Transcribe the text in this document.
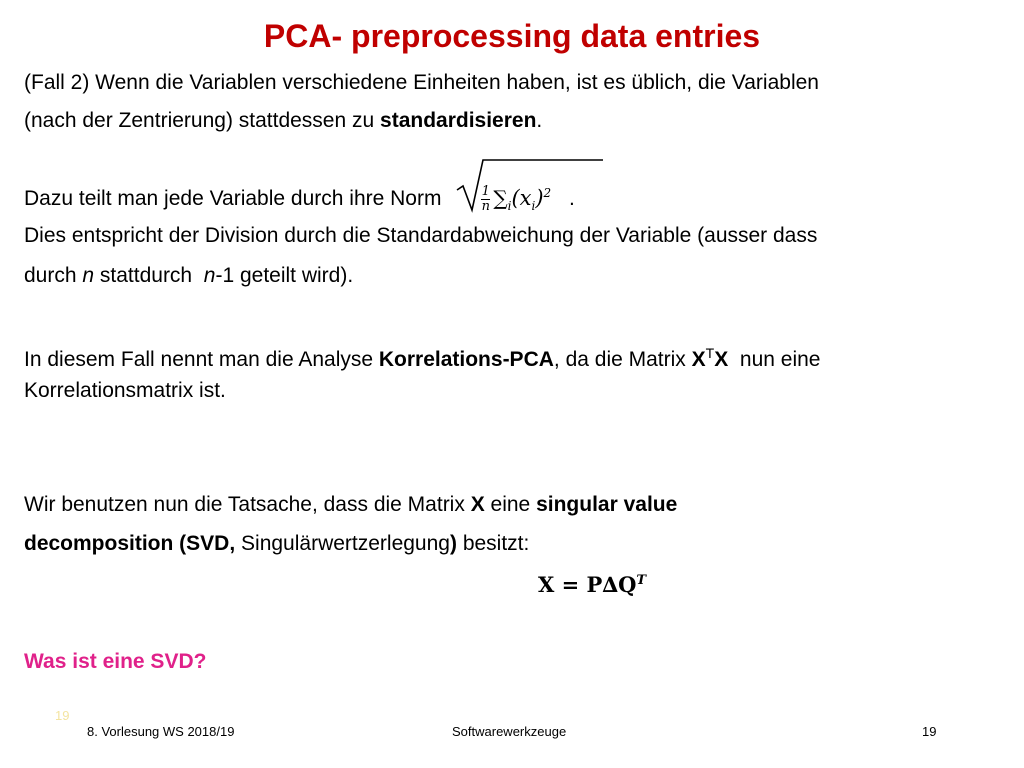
PCA- preprocessing data entries
(Fall 2) Wenn die Variablen verschiedene Einheiten haben, ist es üblich, die Variablen
(nach der Zentrierung) stattdessen zu standardisieren.
Dazu teilt man jede Variable durch ihre Norm	$\frac{1}{n} \sum_i(x_i)^2$ .
Dies entspricht der Division durch die Standardabweichung der Variable (ausser dass
durch n stattdurch  n-1 geteilt wird).
In diesem Fall nennt man die Analyse Korrelations-PCA, da die Matrix $X^TX$  nun eine
Korrelationsmatrix ist.
Wir benutzen nun die Tatsache, dass die Matrix X eine singular value
decomposition (SVD, Singulärwertzerlegung) besitzt:
$X = P\Delta Q^T$
Was ist eine SVD?
19
8. Vorlesung WS 2018/19	Softwarewerkzeuge	19
